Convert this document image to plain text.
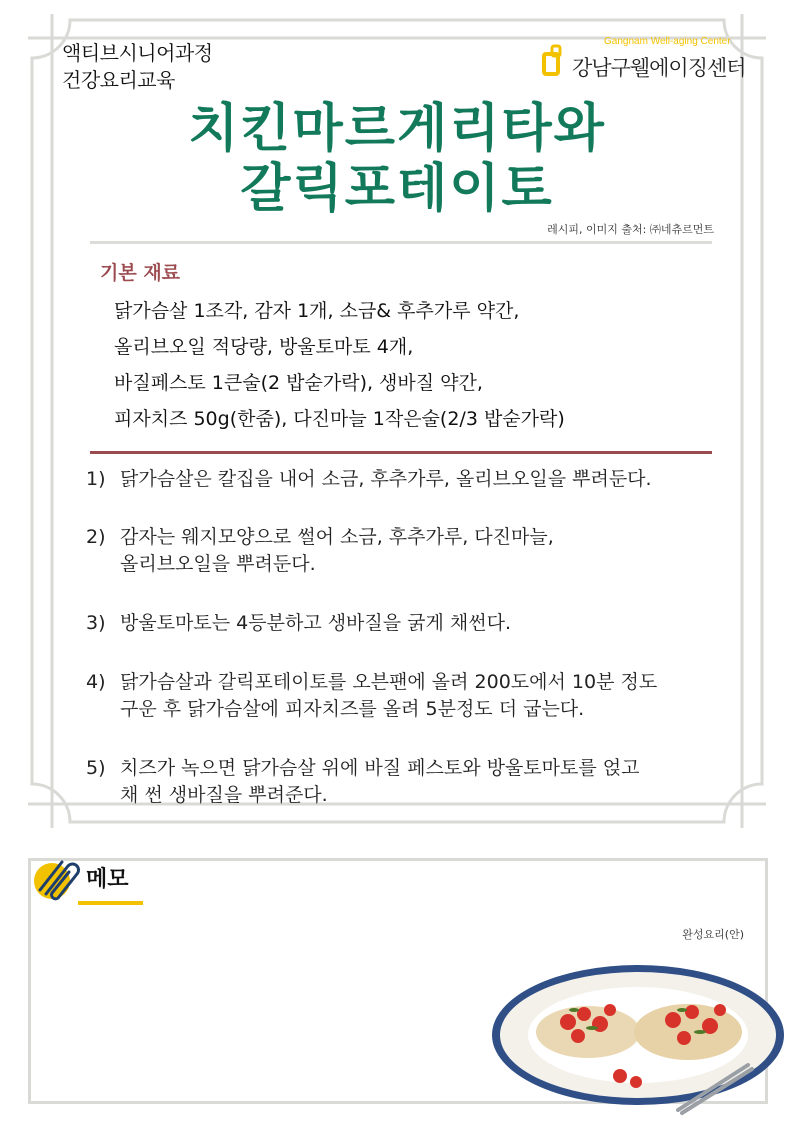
액티브시니어과정
건강요리교육
Gangnam Well-aging Center
강남구웰에이징센터
치킨마르게리타와
갈릭포테이토
레시피, 이미지 출처: ㈜네츄르먼트
기본 재료
닭가슴살 1조각, 감자 1개, 소금& 후추가루 약간,
올리브오일 적당량, 방울토마토 4개,
바질페스토 1큰술(2 밥숟가락), 생바질 약간,
피자치즈 50g(한줌), 다진마늘 1작은술(2/3 밥숟가락)
1) 닭가슴살은 칼집을 내어 소금, 후추가루, 올리브오일을 뿌려둔다.
2) 감자는 웨지모양으로 썰어 소금, 후추가루, 다진마늘,
올리브오일을 뿌려둔다.
3) 방울토마토는 4등분하고 생바질을 굵게 채썬다.
4) 닭가슴살과 갈릭포테이토를 오븐팬에 올려 200도에서 10분 정도
구운 후 닭가슴살에 피자치즈를 올려 5분정도 더 굽는다.
5) 치즈가 녹으면 닭가슴살 위에 바질 페스토와 방울토마토를 얹고
채 썬 생바질을 뿌려준다.
메모
완성요리(안)
